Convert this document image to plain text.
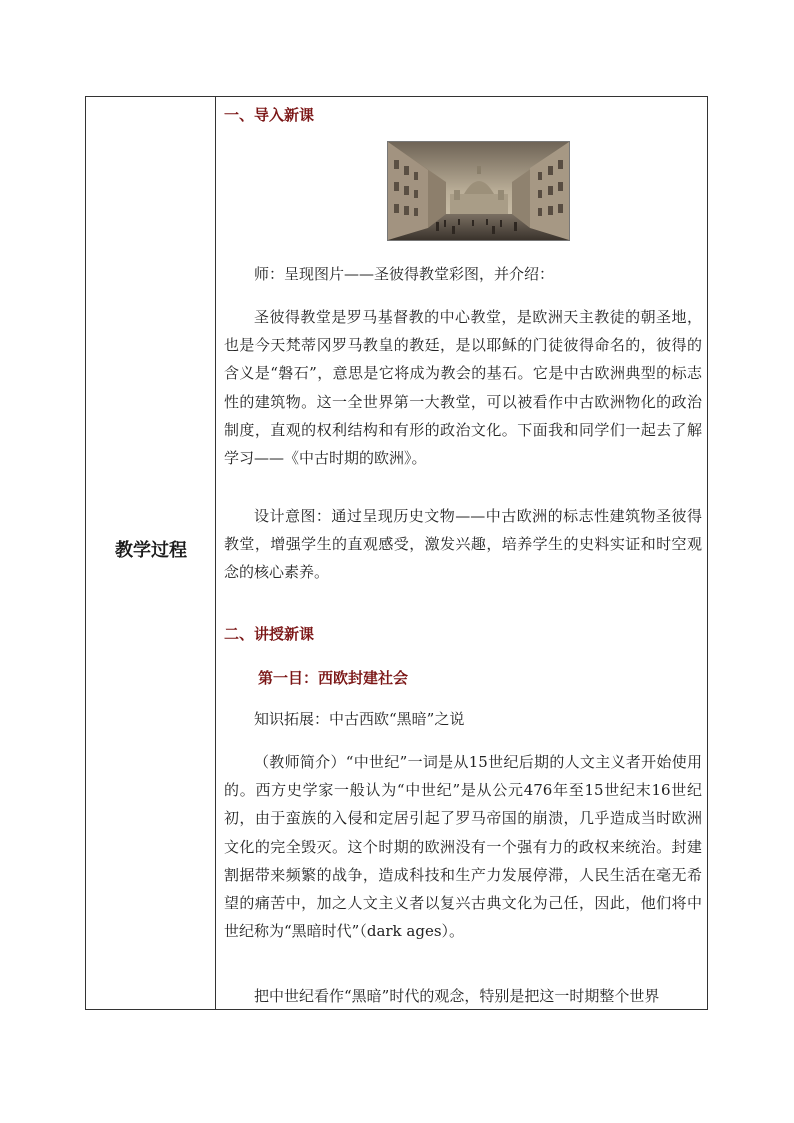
教学过程
一、导入新课
师：呈现图片——圣彼得教堂彩图，并介绍：
圣彼得教堂是罗马基督教的中心教堂，是欧洲天主教徒的朝圣地，也是今天梵蒂冈罗马教皇的教廷，是以耶稣的门徒彼得命名的，彼得的含义是“磐石”，意思是它将成为教会的基石。它是中古欧洲典型的标志性的建筑物。这一全世界第一大教堂，可以被看作中古欧洲物化的政治制度，直观的权利结构和有形的政治文化。下面我和同学们一起去了解学习——《中古时期的欧洲》。
设计意图：通过呈现历史文物——中古欧洲的标志性建筑物圣彼得教堂，增强学生的直观感受，激发兴趣，培养学生的史料实证和时空观念的核心素养。
二、讲授新课
第一目：西欧封建社会
知识拓展：中古西欧“黑暗”之说
（教师简介）“中世纪”一词是从15世纪后期的人文主义者开始使用的。西方史学家一般认为“中世纪”是从公元476年至15世纪末16世纪初，由于蛮族的入侵和定居引起了罗马帝国的崩溃，几乎造成当时欧洲文化的完全毁灭。这个时期的欧洲没有一个强有力的政权来统治。封建割据带来频繁的战争，造成科技和生产力发展停滞，人民生活在毫无希望的痛苦中，加之人文主义者以复兴古典文化为己任，因此，他们将中世纪称为“黑暗时代”（dark ages）。
把中世纪看作“黑暗”时代的观念，特别是把这一时期整个世界
